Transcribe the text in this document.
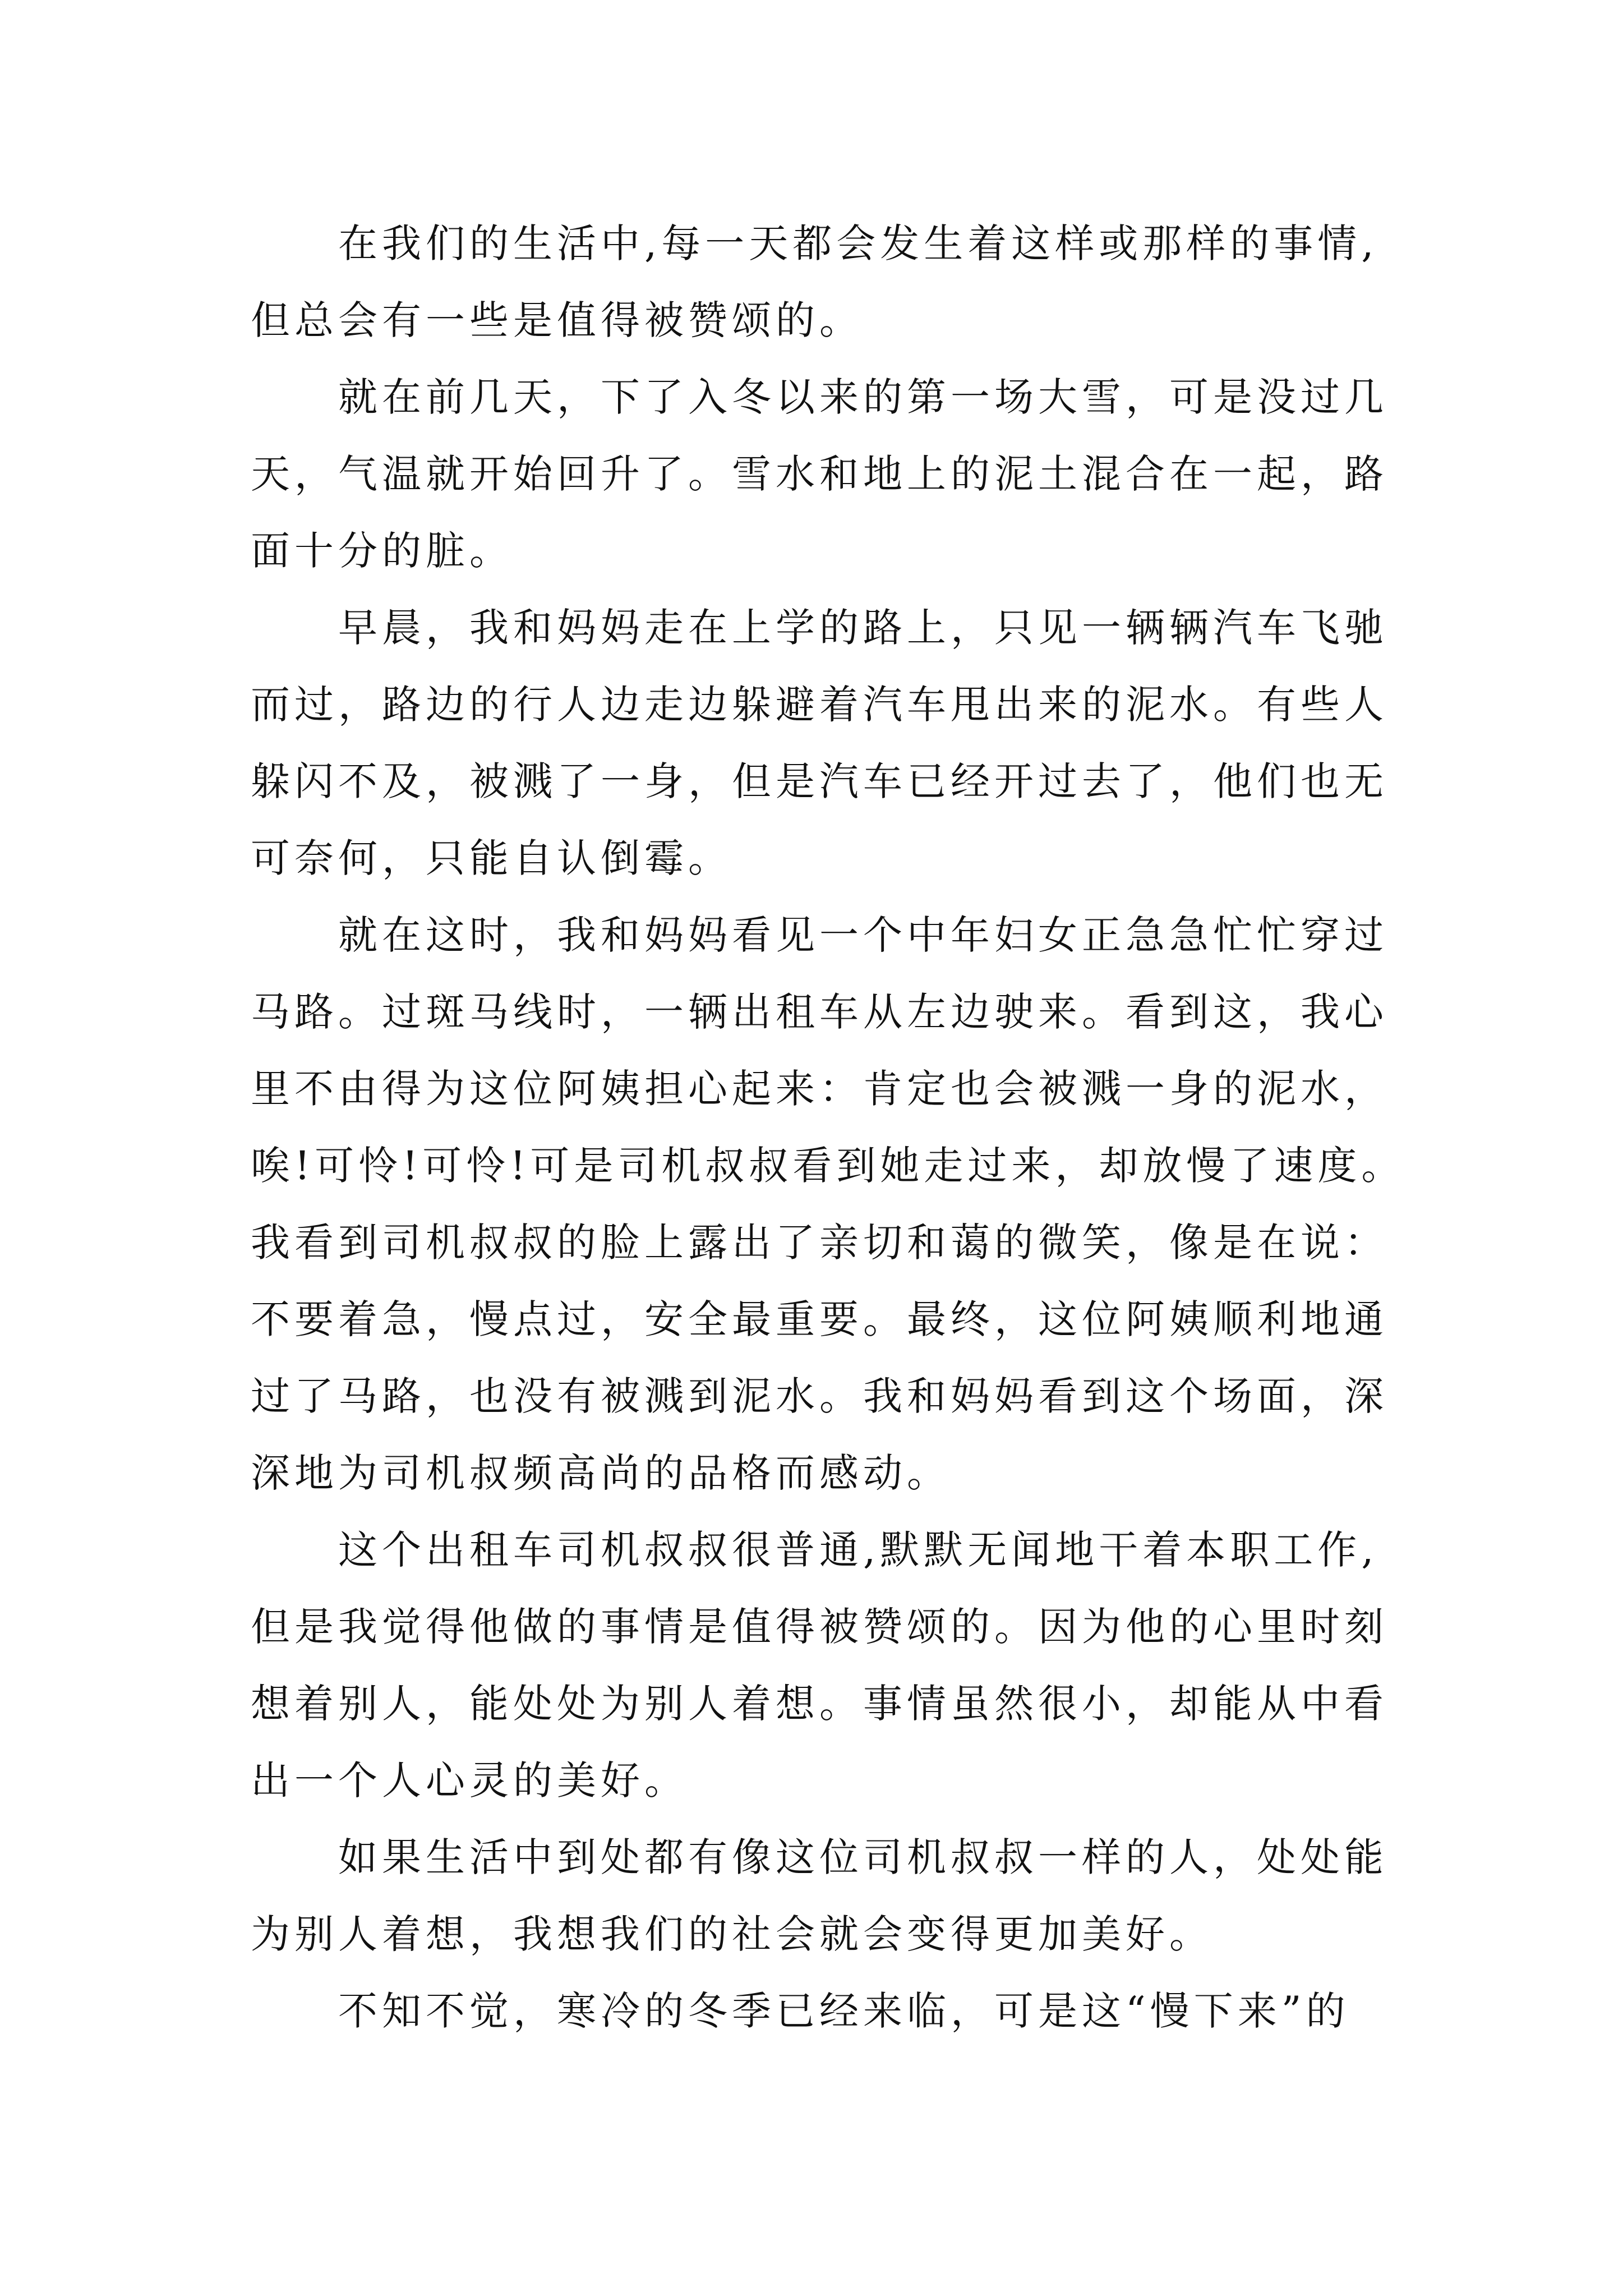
在我们的生活中,每一天都会发生着这样或那样的事情,
但总会有一些是值得被赞颂的。
就在前几天，下了入冬以来的第一场大雪，可是没过几
天，气温就开始回升了。雪水和地上的泥土混合在一起，路
面十分的脏。
早晨，我和妈妈走在上学的路上，只见一辆辆汽车飞驰
而过，路边的行人边走边躲避着汽车甩出来的泥水。有些人
躲闪不及，被溅了一身，但是汽车已经开过去了，他们也无
可奈何，只能自认倒霉。
就在这时，我和妈妈看见一个中年妇女正急急忙忙穿过
马路。过斑马线时，一辆出租车从左边驶来。看到这，我心
里不由得为这位阿姨担心起来：肯定也会被溅一身的泥水，
唉!可怜!可怜!可是司机叔叔看到她走过来，却放慢了速度。
我看到司机叔叔的脸上露出了亲切和蔼的微笑，像是在说：
不要着急，慢点过，安全最重要。最终，这位阿姨顺利地通
过了马路，也没有被溅到泥水。我和妈妈看到这个场面，深
深地为司机叔频高尚的品格而感动。
这个出租车司机叔叔很普通,默默无闻地干着本职工作,
但是我觉得他做的事情是值得被赞颂的。因为他的心里时刻
想着别人，能处处为别人着想。事情虽然很小，却能从中看
出一个人心灵的美好。
如果生活中到处都有像这位司机叔叔一样的人，处处能
为别人着想，我想我们的社会就会变得更加美好。
不知不觉，寒冷的冬季已经来临，可是这“慢下来”的
